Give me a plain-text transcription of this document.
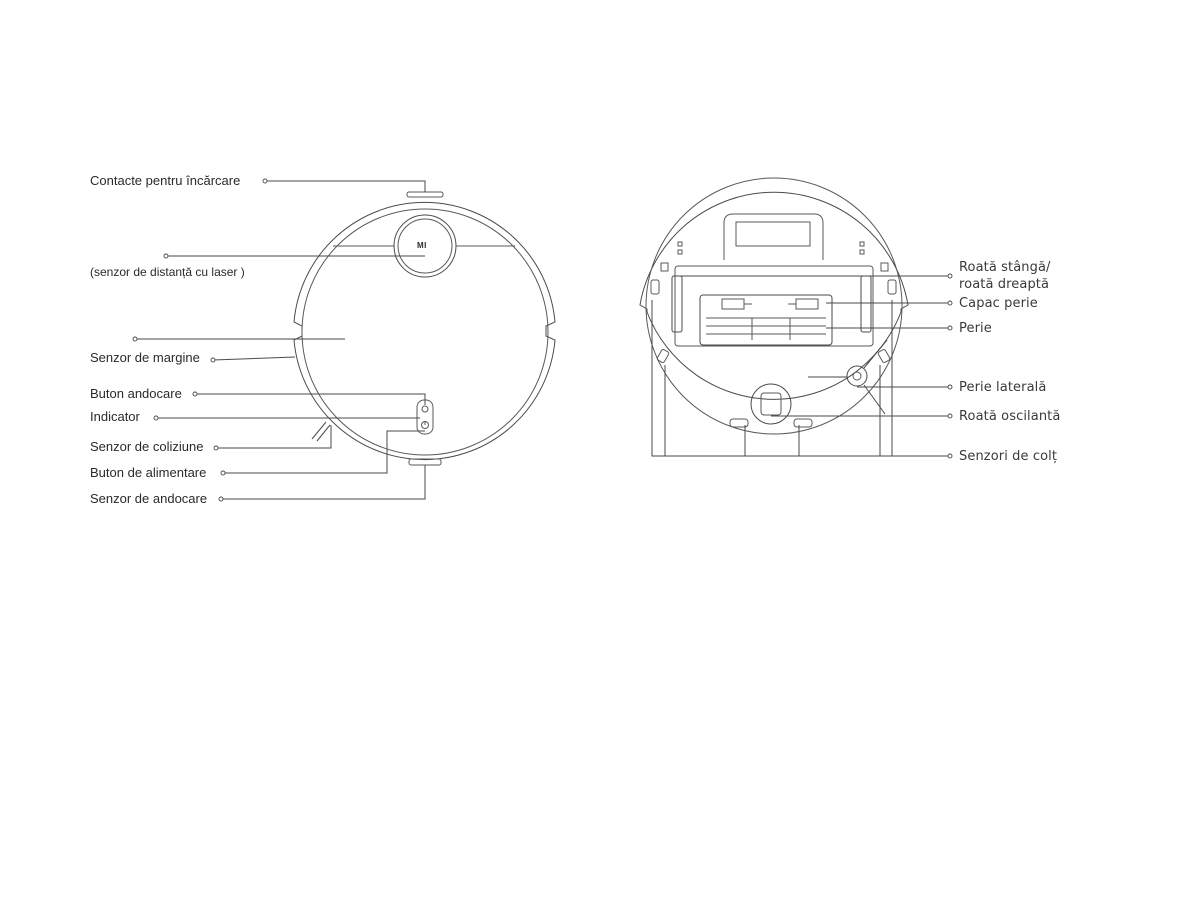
MI
Contacte pentru încărcare
(senzor de distanță cu laser )
Senzor de margine
Buton andocare
Indicator
Senzor de coliziune
Buton de alimentare
Senzor de andocare
Roată stângă/
roată dreaptă
Capac perie
Perie
Perie laterală
Roată oscilantă
Senzori de colț
